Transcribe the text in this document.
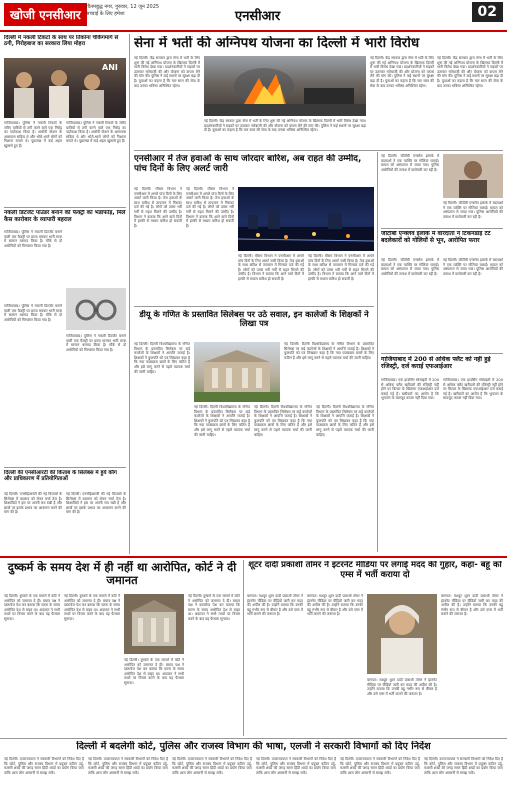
खोजी एनसीआर
गौतमबुद्ध नगर, गुरुवार, 12 जून 2025
सच्चाई के लिए हमेशा	एनसीआर	02
दिल्ली में नकली टिकटों के साथ पर तिकोना चेकिंगमार्ग से ठगी, गिरोहबाज का सरकारा लिया मोहरा
ANI
गाजियाबाद। पुलिस ने नकली टिकटों के जरिए यात्रियों से ठगी करने वाले एक गिरोह का पर्दाफाश किया है। आरोपी स्टेशन के आसपास सक्रिय थे और भोले-भाले लोगों को निशाना बनाते थे। पूछताछ में कई अहम खुलासे हुए हैं।
गाजियाबाद। पुलिस ने नकली टिकटों के जरिए यात्रियों से ठगी करने वाले एक गिरोह का पर्दाफाश किया है। आरोपी स्टेशन के आसपास सक्रिय थे और भोले-भाले लोगों को निशाना बनाते थे। पूछताछ में कई अहम खुलासे हुए हैं।
नकली डिटर्जेंट पाउडर बनाने की फैक्ट्री का भंडाफोड़, मिले कैस कारोबार के व्यापारी बहराल
गाजियाबाद। पुलिस ने नकली डिटर्जेंट बनाने वाली एक फैक्ट्री पर छापा मारकर भारी मात्रा में सामान बरामद किया है। मौके से दो आरोपियों को गिरफ्तार किया गया है।
गाजियाबाद। पुलिस ने नकली डिटर्जेंट बनाने वाली एक फैक्ट्री पर छापा मारकर भारी मात्रा में सामान बरामद किया है। मौके से दो आरोपियों को गिरफ्तार किया गया है।
गाजियाबाद। पुलिस ने नकली डिटर्जेंट बनाने वाली एक फैक्ट्री पर छापा मारकर भारी मात्रा में सामान बरामद किया है। मौके से दो आरोपियों को गिरफ्तार किया गया है।
दिल्ली की एनसीआरटी की किताब के सिलेबस में हुये कौंग और प्राधिकारण में प्रतियोगिताओं
नई दिल्ली। एनसीईआरटी की नई किताबों के सिलेबस में बदलाव को लेकर चर्चा तेज है। शिक्षाविदों ने इस पर अपनी राय रखी है और छात्रों पर इसके प्रभाव का आकलन करने की मांग की है।
नई दिल्ली। एनसीईआरटी की नई किताबों के सिलेबस में बदलाव को लेकर चर्चा तेज है। शिक्षाविदों ने इस पर अपनी राय रखी है और छात्रों पर इसके प्रभाव का आकलन करने की मांग की है।
सेना में भर्ती की अग्निपथ योजना का दिल्ली में भारी विरोध
नई दिल्ली। केंद्र सरकार द्वारा सेना में भर्ती के लिए शुरू की गई अग्निपथ योजना के खिलाफ दिल्ली में भारी विरोध देखा गया। प्रदर्शनकारियों ने सड़कों पर उतरकर नारेबाजी की और योजना को वापस लेने की मांग की। पुलिस ने कई स्थानों पर सुरक्षा बढ़ा दी है। युवाओं का कहना है कि चार साल की सेवा के बाद उनका भविष्य अनिश्चित रहेगा।
नई दिल्ली। केंद्र सरकार द्वारा सेना में भर्ती के लिए शुरू की गई अग्निपथ योजना के खिलाफ दिल्ली में भारी विरोध देखा गया। प्रदर्शनकारियों ने सड़कों पर उतरकर नारेबाजी की और योजना को वापस लेने की मांग की। पुलिस ने कई स्थानों पर सुरक्षा बढ़ा दी है। युवाओं का कहना है कि चार साल की सेवा के बाद उनका भविष्य अनिश्चित रहेगा।
नई दिल्ली। केंद्र सरकार द्वारा सेना में भर्ती के लिए शुरू की गई अग्निपथ योजना के खिलाफ दिल्ली में भारी विरोध देखा गया। प्रदर्शनकारियों ने सड़कों पर उतरकर नारेबाजी की और योजना को वापस लेने की मांग की। पुलिस ने कई स्थानों पर सुरक्षा बढ़ा दी है। युवाओं का कहना है कि चार साल की सेवा के बाद उनका भविष्य अनिश्चित रहेगा।
नई दिल्ली। केंद्र सरकार द्वारा सेना में भर्ती के लिए शुरू की गई अग्निपथ योजना के खिलाफ दिल्ली में भारी विरोध देखा गया। प्रदर्शनकारियों ने सड़कों पर उतरकर नारेबाजी की और योजना को वापस लेने की मांग की। पुलिस ने कई स्थानों पर सुरक्षा बढ़ा दी है। युवाओं का कहना है कि चार साल की सेवा के बाद उनका भविष्य अनिश्चित रहेगा।
एनसीआर में तेज हवाओं के साथ जोरदार बारिश, अब राहत की उम्मीद, पांच दिनों के लिए अलर्ट जारी
नई दिल्ली। मौसम विभाग ने एनसीआर में अगले पांच दिनों के लिए अलर्ट जारी किया है। तेज हवाओं के साथ बारिश से तापमान में गिरावट दर्ज की गई है। लोगों को उमस भरी गर्मी से राहत मिलने की उम्मीद है। विभाग ने बताया कि आने वाले दिनों में हल्की से मध्यम बारिश हो सकती है।
नई दिल्ली। मौसम विभाग ने एनसीआर में अगले पांच दिनों के लिए अलर्ट जारी किया है। तेज हवाओं के साथ बारिश से तापमान में गिरावट दर्ज की गई है। लोगों को उमस भरी गर्मी से राहत मिलने की उम्मीद है। विभाग ने बताया कि आने वाले दिनों में हल्की से मध्यम बारिश हो सकती है।
नई दिल्ली। मौसम विभाग ने एनसीआर में अगले पांच दिनों के लिए अलर्ट जारी किया है। तेज हवाओं के साथ बारिश से तापमान में गिरावट दर्ज की गई है। लोगों को उमस भरी गर्मी से राहत मिलने की उम्मीद है। विभाग ने बताया कि आने वाले दिनों में हल्की से मध्यम बारिश हो सकती है।
नई दिल्ली। मौसम विभाग ने एनसीआर में अगले पांच दिनों के लिए अलर्ट जारी किया है। तेज हवाओं के साथ बारिश से तापमान में गिरावट दर्ज की गई है। लोगों को उमस भरी गर्मी से राहत मिलने की उम्मीद है। विभाग ने बताया कि आने वाले दिनों में हल्की से मध्यम बारिश हो सकती है।
नई दिल्ली। जीटीबी एन्क्लेव इलाके में बदमाशों ने एक व्यक्ति पर गोलियां चलाईं। घायल को अस्पताल ले जाया गया। पुलिस आरोपियों की तलाश में छापेमारी कर रही है।
नई दिल्ली। जीटीबी एन्क्लेव इलाके में बदमाशों ने एक व्यक्ति पर गोलियां चलाईं। घायल को अस्पताल ले जाया गया। पुलिस आरोपियों की तलाश में छापेमारी कर रही है।
जीटीबी एन्क्लेव इलाके में वारदाता ने टिकनडाई टेट बदलेकारों को गोलियों से भून, आरोपित फरार
नई दिल्ली। जीटीबी एन्क्लेव इलाके में बदमाशों ने एक व्यक्ति पर गोलियां चलाईं। घायल को अस्पताल ले जाया गया। पुलिस आरोपियों की तलाश में छापेमारी कर रही है।
नई दिल्ली। जीटीबी एन्क्लेव इलाके में बदमाशों ने एक व्यक्ति पर गोलियां चलाईं। घायल को अस्पताल ले जाया गया। पुलिस आरोपियों की तलाश में छापेमारी कर रही है।
गाजियाबाद में 200 से अधिक फ्लैट को नहीं हुई रजिस्ट्री, दर्ज कराई एफआईआर
गाजियाबाद। एक हाउसिंग सोसाइटी में 200 से अधिक फ्लैट खरीदारों की रजिस्ट्री नहीं होने पर बिल्डर के खिलाफ एफआईआर दर्ज कराई गई है। खरीदारों का आरोप है कि भुगतान के बावजूद कब्जा नहीं दिया गया।
गाजियाबाद। एक हाउसिंग सोसाइटी में 200 से अधिक फ्लैट खरीदारों की रजिस्ट्री नहीं होने पर बिल्डर के खिलाफ एफआईआर दर्ज कराई गई है। खरीदारों का आरोप है कि भुगतान के बावजूद कब्जा नहीं दिया गया।
डीयू के गणित के प्रस्तावित सिलेबस पर उठे सवाल, इन कालेजों के शिक्षकों ने लिखा पत्र
नई दिल्ली। दिल्ली विश्वविद्यालय के गणित विभाग के प्रस्तावित सिलेबस पर कई कालेजों के शिक्षकों ने आपत्ति जताई है। शिक्षकों ने कुलपति को पत्र लिखकर कहा है कि नया पाठ्यक्रम छात्रों के लिए कठिन है और इसे लागू करने से पहले व्यापक चर्चा की जानी चाहिए।
नई दिल्ली। दिल्ली विश्वविद्यालय के गणित विभाग के प्रस्तावित सिलेबस पर कई कालेजों के शिक्षकों ने आपत्ति जताई है। शिक्षकों ने कुलपति को पत्र लिखकर कहा है कि नया पाठ्यक्रम छात्रों के लिए कठिन है और इसे लागू करने से पहले व्यापक चर्चा की जानी चाहिए।
नई दिल्ली। दिल्ली विश्वविद्यालय के गणित विभाग के प्रस्तावित सिलेबस पर कई कालेजों के शिक्षकों ने आपत्ति जताई है। शिक्षकों ने कुलपति को पत्र लिखकर कहा है कि नया पाठ्यक्रम छात्रों के लिए कठिन है और इसे लागू करने से पहले व्यापक चर्चा की जानी चाहिए।
नई दिल्ली। दिल्ली विश्वविद्यालय के गणित विभाग के प्रस्तावित सिलेबस पर कई कालेजों के शिक्षकों ने आपत्ति जताई है। शिक्षकों ने कुलपति को पत्र लिखकर कहा है कि नया पाठ्यक्रम छात्रों के लिए कठिन है और इसे लागू करने से पहले व्यापक चर्चा की जानी चाहिए।
नई दिल्ली। दिल्ली विश्वविद्यालय के गणित विभाग के प्रस्तावित सिलेबस पर कई कालेजों के शिक्षकों ने आपत्ति जताई है। शिक्षकों ने कुलपति को पत्र लिखकर कहा है कि नया पाठ्यक्रम छात्रों के लिए कठिन है और इसे लागू करने से पहले व्यापक चर्चा की जानी चाहिए।
दुष्कर्म के समय देश में ही नहीं था आरोपित, कोर्ट ने दी जमानत
नई दिल्ली। दुष्कर्म के एक मामले में कोर्ट ने आरोपित को जमानत दे दी। बचाव पक्ष ने दस्तावेज पेश कर बताया कि घटना के समय आरोपित देश से बाहर था। अदालत ने सभी तथ्यों पर विचार करने के बाद यह फैसला सुनाया।
नई दिल्ली। दुष्कर्म के एक मामले में कोर्ट ने आरोपित को जमानत दे दी। बचाव पक्ष ने दस्तावेज पेश कर बताया कि घटना के समय आरोपित देश से बाहर था। अदालत ने सभी तथ्यों पर विचार करने के बाद यह फैसला सुनाया।
नई दिल्ली। दुष्कर्म के एक मामले में कोर्ट ने आरोपित को जमानत दे दी। बचाव पक्ष ने दस्तावेज पेश कर बताया कि घटना के समय आरोपित देश से बाहर था। अदालत ने सभी तथ्यों पर विचार करने के बाद यह फैसला सुनाया।
नई दिल्ली। दुष्कर्म के एक मामले में कोर्ट ने आरोपित को जमानत दे दी। बचाव पक्ष ने दस्तावेज पेश कर बताया कि घटना के समय आरोपित देश से बाहर था। अदालत ने सभी तथ्यों पर विचार करने के बाद यह फैसला सुनाया।
शूटर दादी प्रकाशी तोमर ने इंटरनेट मीडिया पर लगाई मदद की गुहार, कहा- बहू को एम्स में भर्ती कराया दो
बागपत। मशहूर शूटर दादी प्रकाशी तोमर ने इंटरनेट मीडिया पर वीडियो जारी कर मदद की अपील की है। उन्होंने बताया कि उनकी बहू गंभीर रूप से बीमार है और उसे एम्स में भर्ती कराने की जरूरत है।
बागपत। मशहूर शूटर दादी प्रकाशी तोमर ने इंटरनेट मीडिया पर वीडियो जारी कर मदद की अपील की है। उन्होंने बताया कि उनकी बहू गंभीर रूप से बीमार है और उसे एम्स में भर्ती कराने की जरूरत है।
बागपत। मशहूर शूटर दादी प्रकाशी तोमर ने इंटरनेट मीडिया पर वीडियो जारी कर मदद की अपील की है। उन्होंने बताया कि उनकी बहू गंभीर रूप से बीमार है और उसे एम्स में भर्ती कराने की जरूरत है।
बागपत। मशहूर शूटर दादी प्रकाशी तोमर ने इंटरनेट मीडिया पर वीडियो जारी कर मदद की अपील की है। उन्होंने बताया कि उनकी बहू गंभीर रूप से बीमार है और उसे एम्स में भर्ती कराने की जरूरत है।
दिल्ली में बदलेगी कोर्ट, पुलिस और राजस्व विभाग की भाषा, एलजी ने सरकारी विभागों को दिए निर्देश
नई दिल्ली। उपराज्यपाल ने सरकारी विभागों को निर्देश दिए हैं कि कोर्ट, पुलिस और राजस्व विभाग में प्रयुक्त कठिन उर्दू-फारसी शब्दों की जगह सरल हिंदी शब्दों का प्रयोग किया जाए ताकि आम लोग आसानी से समझ सकें।
नई दिल्ली। उपराज्यपाल ने सरकारी विभागों को निर्देश दिए हैं कि कोर्ट, पुलिस और राजस्व विभाग में प्रयुक्त कठिन उर्दू-फारसी शब्दों की जगह सरल हिंदी शब्दों का प्रयोग किया जाए ताकि आम लोग आसानी से समझ सकें।
नई दिल्ली। उपराज्यपाल ने सरकारी विभागों को निर्देश दिए हैं कि कोर्ट, पुलिस और राजस्व विभाग में प्रयुक्त कठिन उर्दू-फारसी शब्दों की जगह सरल हिंदी शब्दों का प्रयोग किया जाए ताकि आम लोग आसानी से समझ सकें।
नई दिल्ली। उपराज्यपाल ने सरकारी विभागों को निर्देश दिए हैं कि कोर्ट, पुलिस और राजस्व विभाग में प्रयुक्त कठिन उर्दू-फारसी शब्दों की जगह सरल हिंदी शब्दों का प्रयोग किया जाए ताकि आम लोग आसानी से समझ सकें।
नई दिल्ली। उपराज्यपाल ने सरकारी विभागों को निर्देश दिए हैं कि कोर्ट, पुलिस और राजस्व विभाग में प्रयुक्त कठिन उर्दू-फारसी शब्दों की जगह सरल हिंदी शब्दों का प्रयोग किया जाए ताकि आम लोग आसानी से समझ सकें।
नई दिल्ली। उपराज्यपाल ने सरकारी विभागों को निर्देश दिए हैं कि कोर्ट, पुलिस और राजस्व विभाग में प्रयुक्त कठिन उर्दू-फारसी शब्दों की जगह सरल हिंदी शब्दों का प्रयोग किया जाए ताकि आम लोग आसानी से समझ सकें।
